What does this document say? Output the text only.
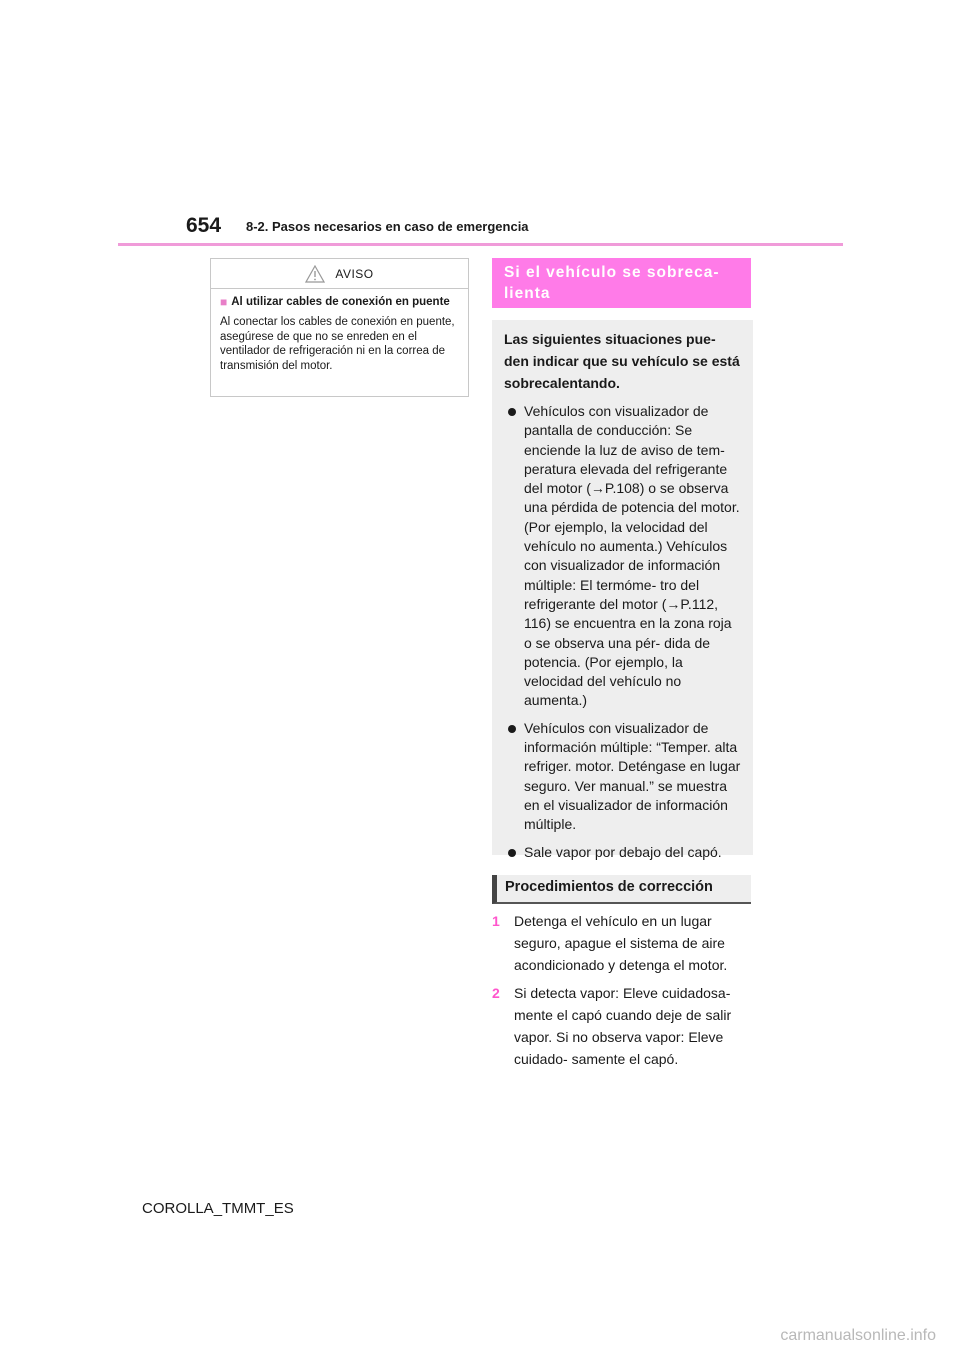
654 8-2. Pasos necesarios en caso de emergencia
AVISO
■ Al utilizar cables de conexión en puente
Al conectar los cables de conexión en puente, asegúrese de que no se enreden en el ventilador de refrigeración ni en la correa de transmisión del motor.
Si el vehículo se sobreca- lienta
Las siguientes situaciones pue- den indicar que su vehículo se está sobrecalentando.

Vehículos con visualizador de pantalla de conducción: Se enciende la luz de aviso de tem- peratura elevada del refrigerante del motor (→P.108) o se observa una pérdida de potencia del motor. (Por ejemplo, la velocidad del vehículo no aumenta.) Vehículos con visualizador de información múltiple: El termóme- tro del refrigerante del motor (→P.112, 116) se encuentra en la zona roja o se observa una pér- dida de potencia. (Por ejemplo, la velocidad del vehículo no aumenta.)

Vehículos con visualizador de información múltiple: “Temper. alta refriger. motor. Deténgase en lugar seguro. Ver manual.” se muestra en el visualizador de información múltiple.

Sale vapor por debajo del capó.

Procedimientos de corrección
1	Detenga el vehículo en un lugar seguro, apague el sistema de aire acondicionado y detenga el motor.

2	Si detecta vapor: Eleve cuidadosa- mente el capó cuando deje de salir vapor. Si no observa vapor: Eleve cuidado- samente el capó.

COROLLA_TMMT_ES
carmanualsonline.info
